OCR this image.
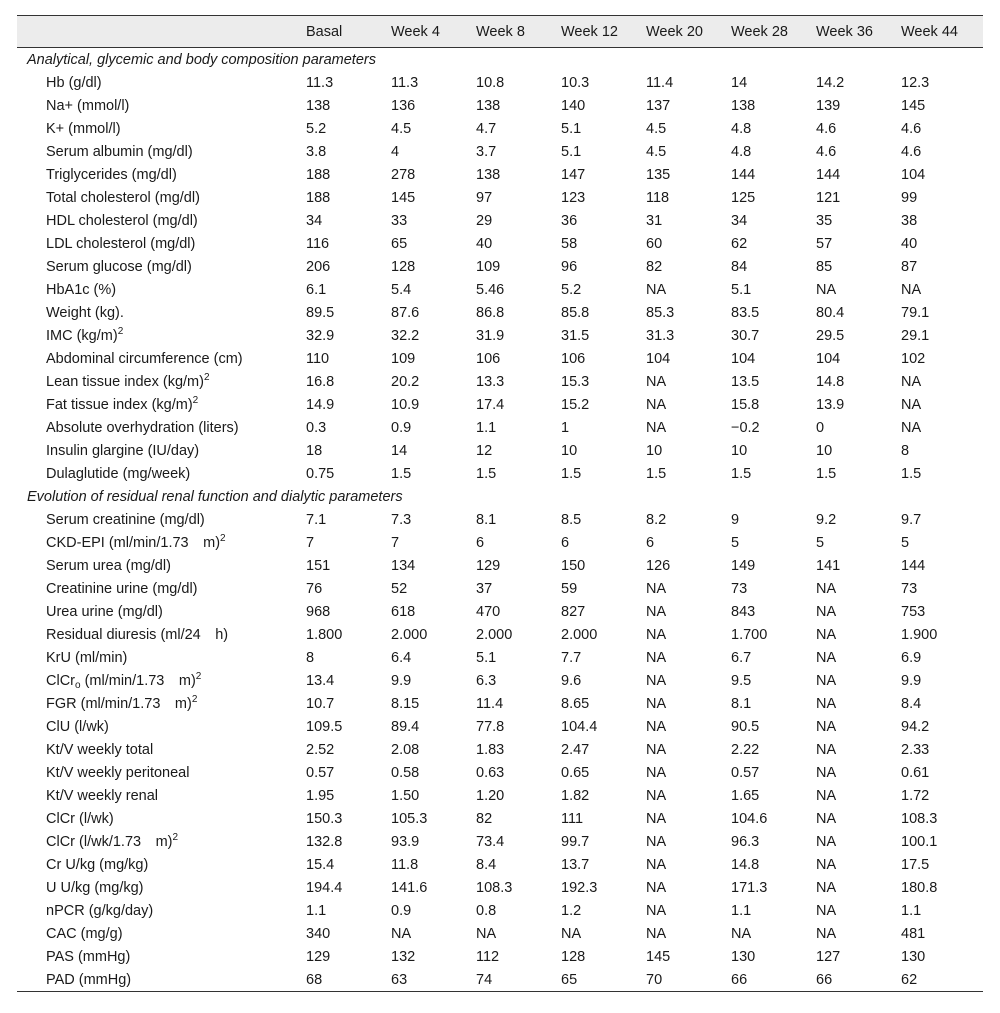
	Basal	Week 4	Week 8	Week 12	Week 20	Week 28	Week 36	Week 44
Analytical, glycemic and body composition parameters								
Hb (g/dl)	11.3	11.3	10.8	10.3	11.4	14	14.2	12.3
Na+ (mmol/l)	138	136	138	140	137	138	139	145
K+ (mmol/l)	5.2	4.5	4.7	5.1	4.5	4.8	4.6	4.6
Serum albumin (mg/dl)	3.8	4	3.7	5.1	4.5	4.8	4.6	4.6
Triglycerides (mg/dl)	188	278	138	147	135	144	144	104
Total cholesterol (mg/dl)	188	145	97	123	118	125	121	99
HDL cholesterol (mg/dl)	34	33	29	36	31	34	35	38
LDL cholesterol (mg/dl)	116	65	40	58	60	62	57	40
Serum glucose (mg/dl)	206	128	109	96	82	84	85	87
HbA1c (%)	6.1	5.4	5.46	5.2	NA	5.1	NA	NA
Weight (kg).	89.5	87.6	86.8	85.8	85.3	83.5	80.4	79.1
IMC $(kg/m)^2$	32.9	32.2	31.9	31.5	31.3	30.7	29.5	29.1
Abdominal circumference (cm)	110	109	106	106	104	104	104	102
Lean tissue index $(kg/m)^2$	16.8	20.2	13.3	15.3	NA	13.5	14.8	NA
Fat tissue index $(kg/m)^2$	14.9	10.9	17.4	15.2	NA	15.8	13.9	NA
Absolute overhydration (liters)	0.3	0.9	1.1	1	NA	−0.2	0	NA
Insulin glargine (IU/day)	18	14	12	10	10	10	10	8
Dulaglutide (mg/week)	0.75	1.5	1.5	1.5	1.5	1.5	1.5	1.5
Evolution of residual renal function and dialytic parameters								
Serum creatinine (mg/dl)	7.1	7.3	8.1	8.5	8.2	9	9.2	9.7
CKD-EPI (ml/min/1.73 m)$^2$	7	7	6	6	6	5	5	5
Serum urea (mg/dl)	151	134	129	150	126	149	141	144
Creatinine urine (mg/dl)	76	52	37	59	NA	73	NA	73
Urea urine (mg/dl)	968	618	470	827	NA	843	NA	753
Residual diuresis (ml/24 h)	1.800	2.000	2.000	2.000	NA	1.700	NA	1.900
KrU (ml/min)	8	6.4	5.1	7.7	NA	6.7	NA	6.9
ClCr$_o$ (ml/min/1.73 m)$^2$	13.4	9.9	6.3	9.6	NA	9.5	NA	9.9
FGR (ml/min/1.73 m)$^2$	10.7	8.15	11.4	8.65	NA	8.1	NA	8.4
ClU (l/wk)	109.5	89.4	77.8	104.4	NA	90.5	NA	94.2
Kt/V weekly total	2.52	2.08	1.83	2.47	NA	2.22	NA	2.33
Kt/V weekly peritoneal	0.57	0.58	0.63	0.65	NA	0.57	NA	0.61
Kt/V weekly renal	1.95	1.50	1.20	1.82	NA	1.65	NA	1.72
ClCr (l/wk)	150.3	105.3	82	111	NA	104.6	NA	108.3
ClCr (l/wk/1.73 m)$^2$	132.8	93.9	73.4	99.7	NA	96.3	NA	100.1
Cr U/kg (mg/kg)	15.4	11.8	8.4	13.7	NA	14.8	NA	17.5
U U/kg (mg/kg)	194.4	141.6	108.3	192.3	NA	171.3	NA	180.8
nPCR (g/kg/day)	1.1	0.9	0.8	1.2	NA	1.1	NA	1.1
CAC (mg/g)	340	NA	NA	NA	NA	NA	NA	481
PAS (mmHg)	129	132	112	128	145	130	127	130
PAD (mmHg)	68	63	74	65	70	66	66	62
